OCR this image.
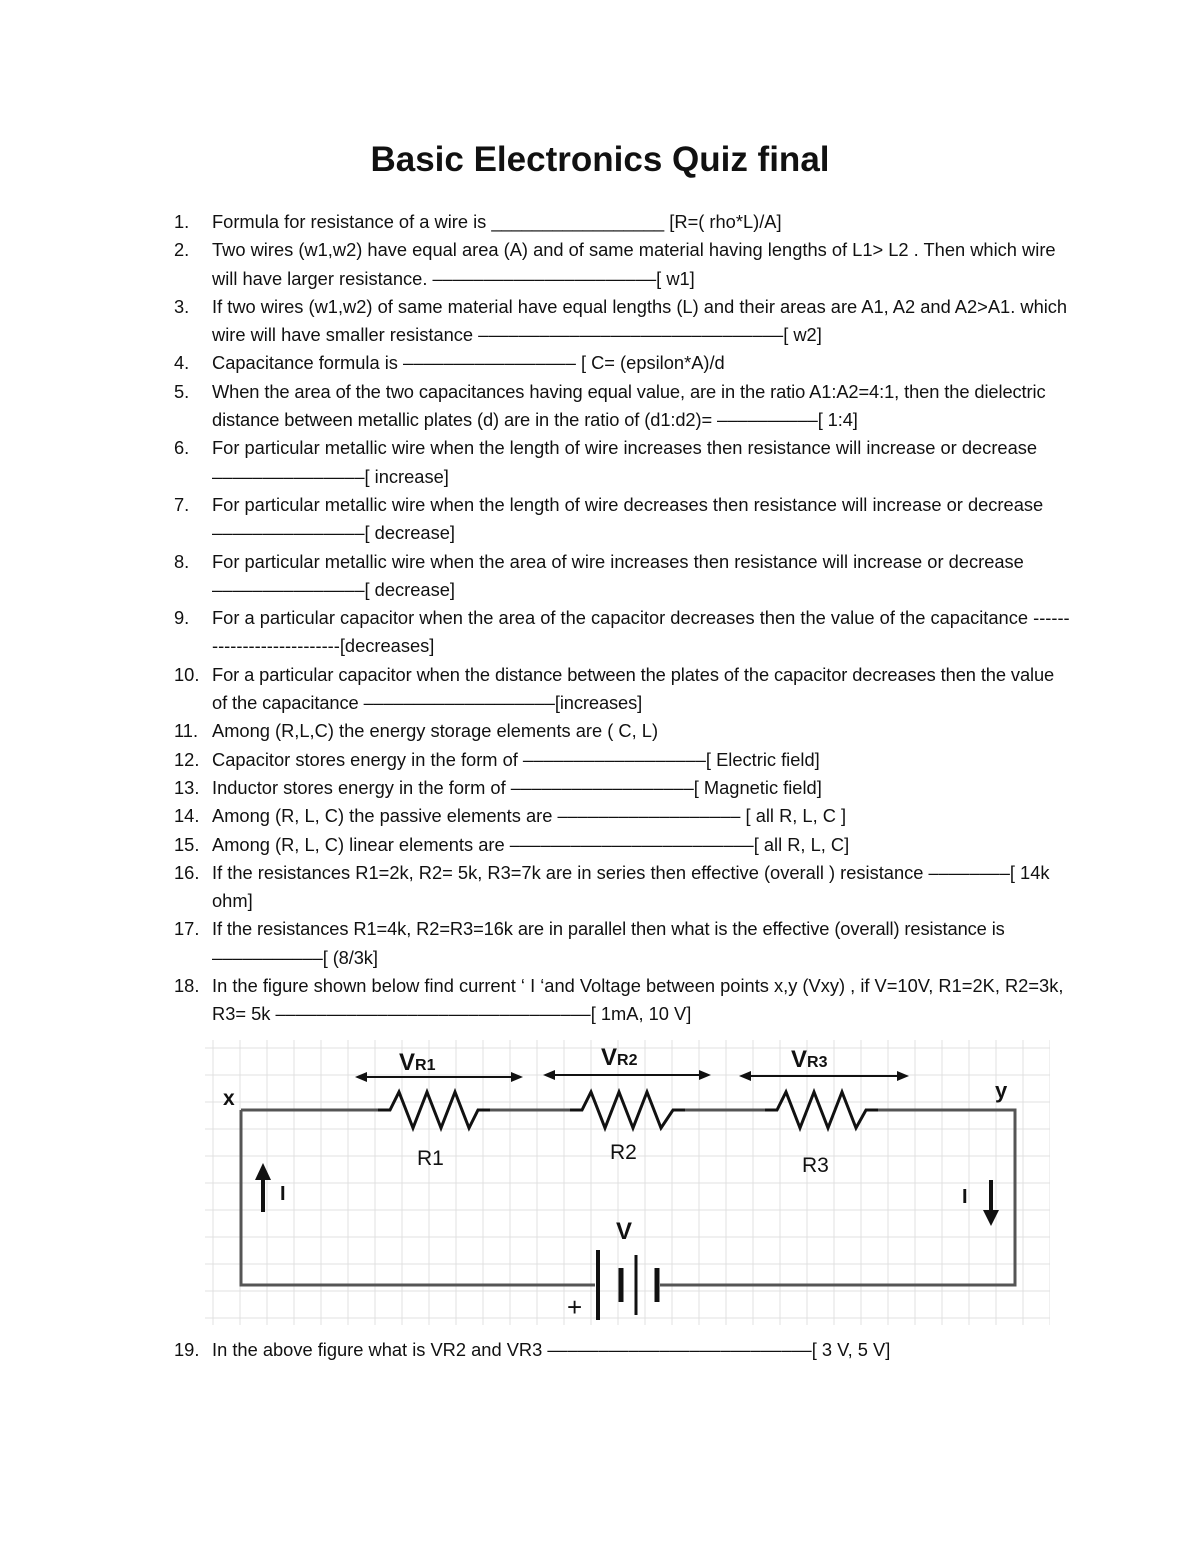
Basic Electronics Quiz final
1. Formula for resistance of a wire is _________________ [R=( rho*L)/A]
2. Two wires (w1,w2) have equal area (A) and of same material having lengths of L1> L2 . Then which wire will have larger resistance. ––––––––––––––––––––––[ w1]
3. If two wires (w1,w2) of same material have equal lengths (L) and their areas are A1, A2 and A2>A1. which wire will have smaller resistance ––––––––––––––––––––––––––––––[ w2]
4. Capacitance formula is ––––––––––––––––– [ C= (epsilon*A)/d
5. When the area of the two capacitances having equal value, are in the ratio A1:A2=4:1, then the dielectric distance between metallic plates (d) are in the ratio of (d1:d2)= ––––––––––[ 1:4]
6. For particular metallic wire when the length of wire increases then resistance will increase or decrease –––––––––––––––[ increase]
7. For particular metallic wire when the length of wire decreases then resistance will increase or decrease –––––––––––––––[ decrease]
8. For particular metallic wire when the area of wire increases then resistance will increase or decrease –––––––––––––––[ decrease]
9. For a particular capacitor when the area of the capacitor decreases then the value of the capacitance ---------------------------[decreases]
10. For a particular capacitor when the distance between the plates of the capacitor decreases then the value of the capacitance –––––––––––––––––––[increases]
11. Among (R,L,C) the energy storage elements are ( C, L)
12. Capacitor stores energy in the form of ––––––––––––––––––[ Electric field]
13. Inductor stores energy in the form of ––––––––––––––––––[ Magnetic field]
14. Among (R, L, C) the passive elements are –––––––––––––––––– [ all R, L, C ]
15. Among (R, L, C) linear elements are ––––––––––––––––––––––––[ all R, L, C]
16. If the resistances R1=2k, R2= 5k, R3=7k are in series then effective (overall ) resistance ––––––––[ 14k ohm]
17. If the resistances R1=4k, R2=R3=16k are in parallel then what is the effective (overall) resistance is –––––––––––[ (8/3k]
18. In the figure shown below find current ‘ I ‘and Voltage between points x,y (Vxy) , if V=10V, R1=2K, R2=3k, R3= 5k –––––––––––––––––––––––––––––––[ 1mA, 10 V]
x	y
VR1	VR2	VR3
R1	R2
R3
I	I
V
+
19. In the above figure what is VR2 and VR3 ––––––––––––––––––––––––––[ 3 V, 5 V]
